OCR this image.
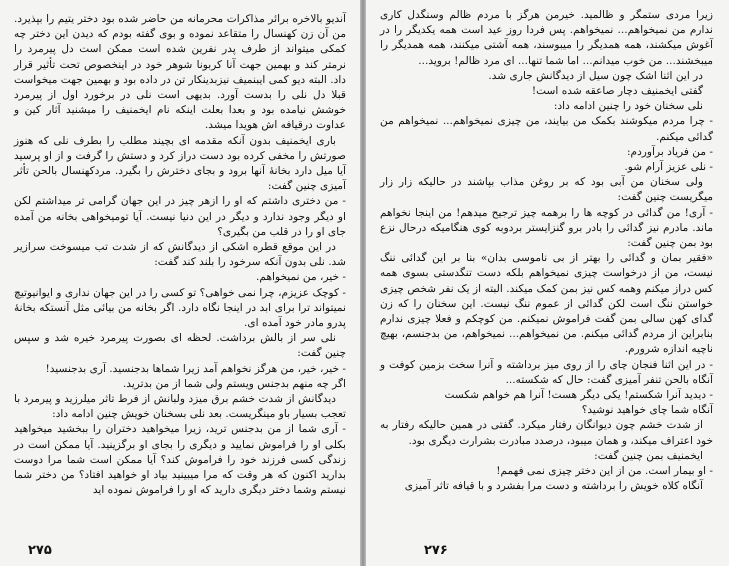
آندیو بالاخره برائر مذاکرات محرمانه من حاضر شده بود دختر یتیم را بپذیرد. من آن زن کهنسال را متقاعد نموده و بوی گفته بودم که دیدن این دختر چه کمکی میتواند از طرف پدر نفرین شده است ممکن است دل پیرمرد را نرمتر کند و بهمین جهت آنا کربونا شوهر خود در اینخصوص تحت تأثیر قرار داد. البته دیو کمی ایبنمیف نیزبدینکار تن در داده بود و بهمین جهت میخواست قبلا دل نلی را بدست آورد. بدیهی است نلی در برخورد اول از پیرمرد خوشش نیامده بود و بعدا بعلت اینکه نام ایخمنیف را میشنید آثار کین و عداوت درقیافه اش هویدا میشد.

باری ایخمنیف بدون آنکه مقدمه ای بچیند مطلب را بطرف نلی که هنوز صورتش را مخفی کرده بود دست دراز کرد و دستش را گرفت و از او پرسید آیا میل دارد بخانهٔ آنها برود و بجای دخترش را بگیرد. مردکهنسال بالحن تأثر آمیزی چنین گفت:

- من دختری داشتم که او را ازهر چیز در این جهان گرامی تر میداشتم لکن او دیگر وجود ندارد و دیگر در این دنیا نیست. آیا تومیخواهی بخانه من آمده جای او را در قلب من بگیری؟

در این موقع قطره اشکی از دیدگانش که از شدت تب میسوخت سرازیر شد. نلی بدون آنکه سرخود را بلند کند گفت:

- خیر، من نمیخواهم.

- کوچک عزیزم، چرا نمی خواهی؟ تو کسی را در این جهان نداری و ایوانیوتیچ نمیتواند ترا برای ابد در اینجا نگاه دارد. اگر بخانه من بیائی مثل آنستکه بخانهٔ پدرو مادر خود آمده ای.

نلی سر از بالش برداشت. لحظه ای بصورت پیرمرد خیره شد و سپس چنین گفت:

- خیر، خیر، من هرگز نخواهم آمد زیرا شماها بدجنسید. آری بدجنسید!

اگر چه منهم بدجنس ویستم ولی شما از من بدترید.

دیدگانش از شدت خشم برق میزد ولبانش از فرط تاثر میلرزید و پیرمرد با تعجب بسیار باو مینگریست. بعد نلی بسخنان خویش چنین ادامه داد:

- آری شما از من بدجنس ترید، زیرا میخواهید دختران را ببخشید میخواهید بکلی او را فراموش نمایید و دیگری را بجای او برگزینید. آیا ممکن است در زندگی کسی فرزند خود را فراموش کند؟ آیا ممکن است شما مرا دوست بدارید اکنون که هر وقت که مرا میبینید بیاد او خواهید افتاد؟ من دختر شما نیستم وشما دختر دیگری دارید که او را فراموش نموده اید

۲۷۵

زیرا مردی ستمگر و ظالمید. خیرمن هرگز با مردم ظالم وسنگدل کاری ندارم من نمیخواهم... نمیخواهم. پس فردا روز عید است همه یکدیگر را در آغوش میکشند، همه همدیگر را میبوسند، همه آشتی میکنند، همه همدیگر را میبخشند... من خوب میدانم... اما شما تنها... ای مرد ظالم! بروید...

در این اثنا اشک چون سیل از دیدگانش جاری شد.

گفتی ایخمنیف دچار صاعقه شده است!

نلی سخنان خود را چنین ادامه داد:

- چرا مردم میکوشند بکمک من بیایند، من چیزی نمیخواهم... نمیخواهم من گدائی میکنم.

- من فریاد برآوردم:

- نلی عزیز آرام شو.

ولی سخنان من آبی بود که بر روغن مذاب بپاشند در حالیکه زار زار میگریست چنین گفت:

- آری! من گدائی در کوچه ها را برهمه چیز ترجیح میدهم! من اینجا نخواهم ماند. مادرم نیز گدائی را بادر برو گنزایستر بردوبه کوی هنگامیکه درحال نزع بود بمن چنین گفت:

«فقیر بمان و گدائی را بهتر از بی ناموسی بدان» بنا بر این گدائی ننگ نیست، من از درخواست چیزی نمیخواهم بلکه دست تنگدستی بسوی همه کس دراز میکنم وهمه کس نیز بمن کمک میکند. البته از یک نفر شخص چیزی خواستن ننگ است لکن گدائی از عموم ننگ نیست. این سخنان را که زن گدای کهن سالی بمن گفت فراموش نمیکنم. من کوچکم و فعلا چیزی ندارم بنابراین از مردم گدائی میکنم. من نمیخواهم... نمیخواهم، من بدجنسم، بهیچ ناچیه اندازه شرورم.

- در این اثنا فنجان چای را از روی میز برداشته و آنرا سخت بزمین کوفت و آنگاه بالحن تنفر آمیزی گفت: حال که شکسته...

- دیدید آنرا شکستم! یکی دیگر هست! آنرا هم خواهم شکست

آنگاه شما چای خواهید نوشید؟

از شدت خشم چون دیوانگان رفتار میکرد. گفتی در همین حالیکه رفتار به خود اعتراف میکند، و همان میبود، درصدد مبادرت بشرارت دیگری بود.

ایخمنیف بمن چنین گفت:

- او بیمار است. من از این دختر چیزی نمی فهمم!

آنگاه کلاه خویش را برداشته و دست مرا بفشرد و با قیافه تاثر آمیزی

۲۷۶
